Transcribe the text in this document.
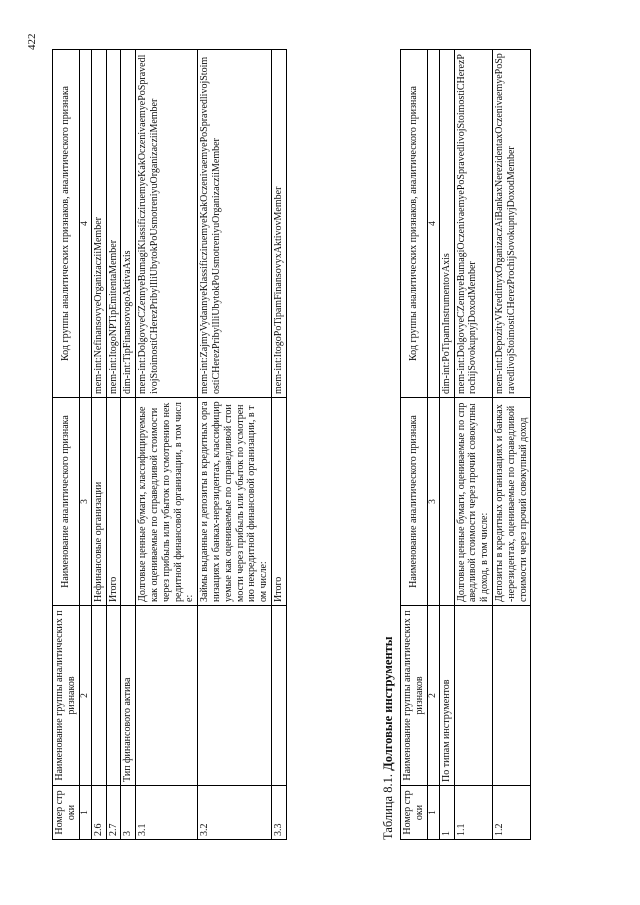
422
Номер строки	Наименование группы аналитических признаков	Наименование аналитического признака	Код группы аналитических признаков, аналитического признака
1	2	3	4
2.6		Нефинансовые организации	mem-int:NefinansovyeOrganizacziiMember
2.7		Итого	mem-int:ItogoNPTipEmitentaMember
3	Тип финансового актива		dim-int:TipFinansovogoAktivaAxis
3.1		Долговые ценные бумаги, классифицируемые как оцениваемые по справедливой стоимости через прибыль или убыток по усмотрению некредитной финансовой организации, в том числе:	mem-int:DolgovyeCZennyeBumagiKlassificziruemyeKakOczenivaemyePoSpravedlivojStoimostiCHerezPribylIliUbytokPoUsmotreniyuOrganizacziiMember
3.2		Займы выданные и депозиты в кредитных организациях и банках-нерезидентах, классифицируемые как оцениваемые по справедливой стоимости через прибыль или убыток по усмотрению некредитной финансовой организации, в том числе:	mem-int:ZajmyVydannyeKlassificziruemyeKakOczenivaemyePoSpravedlivojStoimostiCHerezPribylIliUbytokPoUsmotreniyuOrganizacziiMember
3.3		Итого	mem-int:ItogoPoTipamFinansovyxAktivovMember
Таблица 8.1. Долговые инструменты
Номер строки	Наименование группы аналитических признаков	Наименование аналитического признака	Код группы аналитических признаков, аналитического признака
1	2	3	4
1	По типам инструментов		dim-int:PoTipamInstrumentovAxis
1.1		Долговые ценные бумаги, оцениваемые по справедливой стоимости через прочий совокупный доход, в том числе:	mem-int:DolgovyeCZennyeBumagiOczenivaemyePoSpravedlivojStoimostiCHerezProchijSovokupnyjDoxodMember
1.2		Депозиты в кредитных организациях и банках-нерезидентах, оцениваемые по справедливой стоимости через прочий совокупный доход	mem-int:DepozityVKreditnyxOrganizaczAiBankaxNerezidentaxOczenivaemyePoSpravedlivojStoimostiCHerezProchijSovokupnyjDoxodMember
